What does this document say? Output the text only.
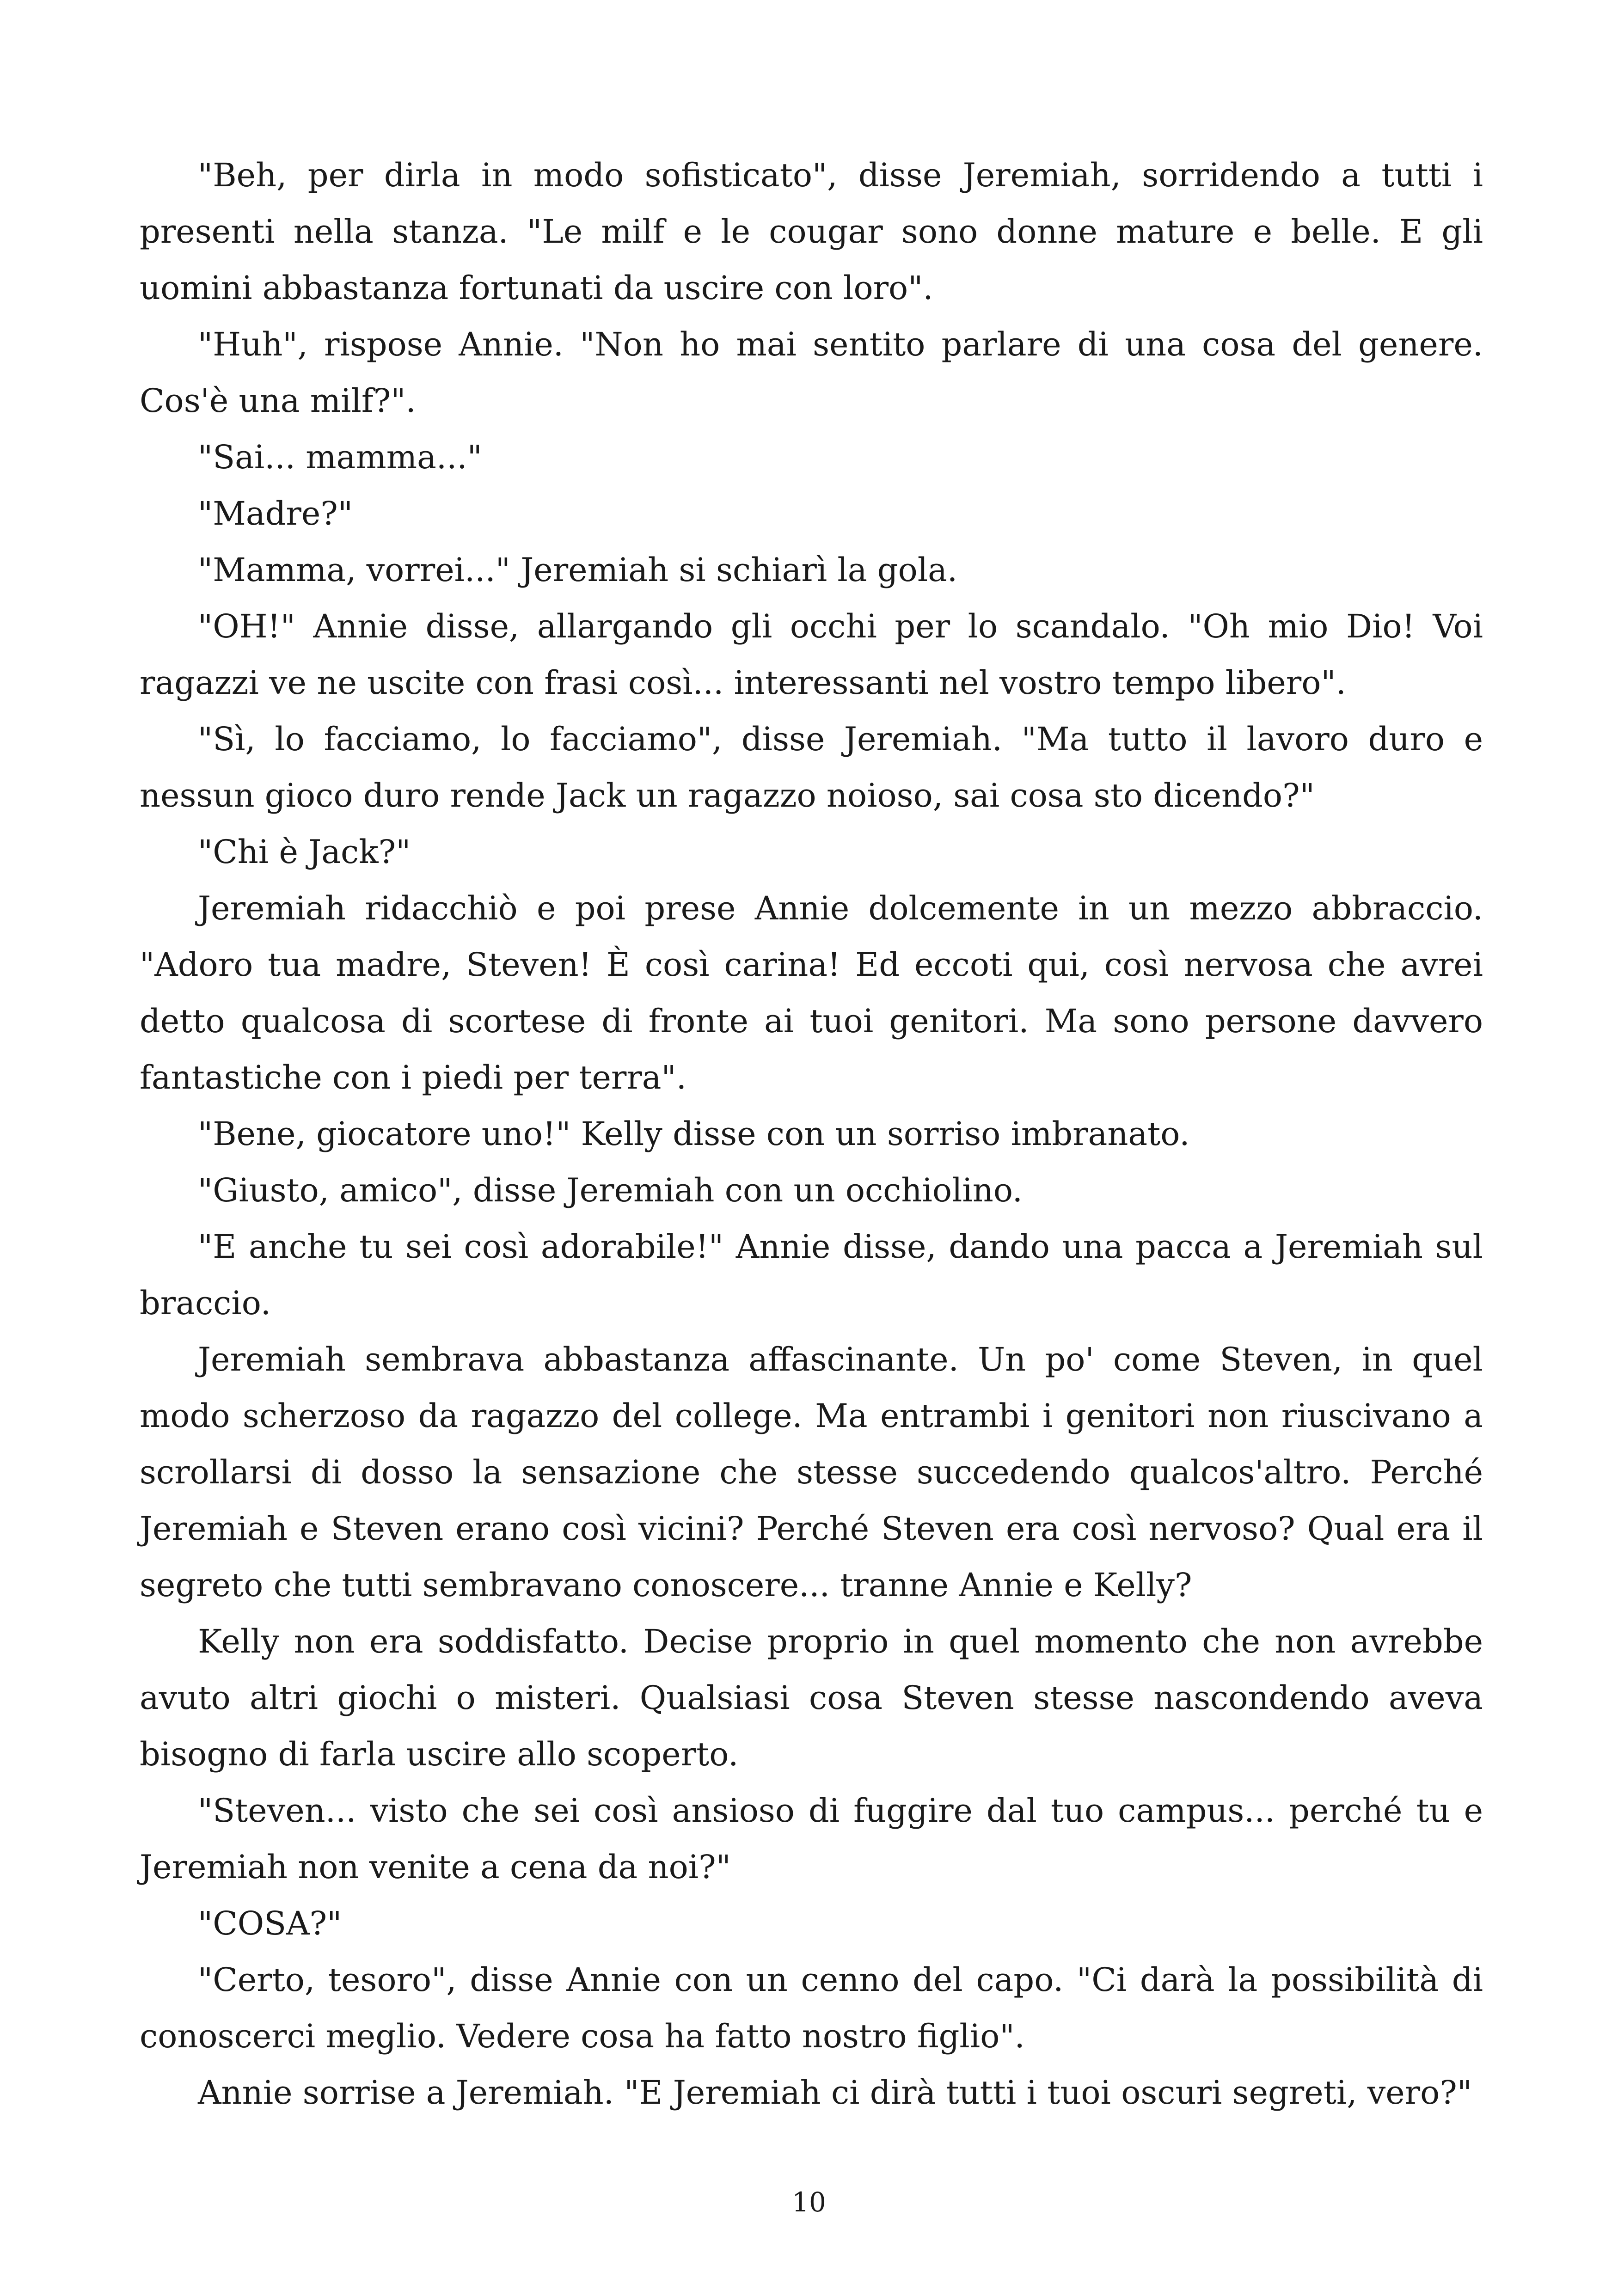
"Beh, per dirla in modo sofisticato", disse Jeremiah, sorridendo a tutti i presenti nella stanza. "Le milf e le cougar sono donne mature e belle. E gli uomini abbastanza fortunati da uscire con loro".

"Huh", rispose Annie. "Non ho mai sentito parlare di una cosa del genere. Cos'è una milf?".

"Sai... mamma..."

"Madre?"

"Mamma, vorrei..." Jeremiah si schiarì la gola.

"OH!" Annie disse, allargando gli occhi per lo scandalo. "Oh mio Dio! Voi ragazzi ve ne uscite con frasi così... interessanti nel vostro tempo libero".

"Sì, lo facciamo, lo facciamo", disse Jeremiah. "Ma tutto il lavoro duro e nessun gioco duro rende Jack un ragazzo noioso, sai cosa sto dicendo?"

"Chi è Jack?"

Jeremiah ridacchiò e poi prese Annie dolcemente in un mezzo abbraccio. "Adoro tua madre, Steven! È così carina! Ed eccoti qui, così nervosa che avrei detto qualcosa di scortese di fronte ai tuoi genitori. Ma sono persone davvero fantastiche con i piedi per terra".

"Bene, giocatore uno!" Kelly disse con un sorriso imbranato.

"Giusto, amico", disse Jeremiah con un occhiolino.

"E anche tu sei così adorabile!" Annie disse, dando una pacca a Jeremiah sul braccio.

Jeremiah sembrava abbastanza affascinante. Un po' come Steven, in quel modo scherzoso da ragazzo del college. Ma entrambi i genitori non riuscivano a scrollarsi di dosso la sensazione che stesse succedendo qualcos'altro. Perché Jeremiah e Steven erano così vicini? Perché Steven era così nervoso? Qual era il segreto che tutti sembravano conoscere... tranne Annie e Kelly?

Kelly non era soddisfatto. Decise proprio in quel momento che non avrebbe avuto altri giochi o misteri. Qualsiasi cosa Steven stesse nascondendo aveva bisogno di farla uscire allo scoperto.

"Steven... visto che sei così ansioso di fuggire dal tuo campus... perché tu e Jeremiah non venite a cena da noi?"

"COSA?"

"Certo, tesoro", disse Annie con un cenno del capo. "Ci darà la possibilità di conoscerci meglio. Vedere cosa ha fatto nostro figlio".

Annie sorrise a Jeremiah. "E Jeremiah ci dirà tutti i tuoi oscuri segreti, vero?"

10
